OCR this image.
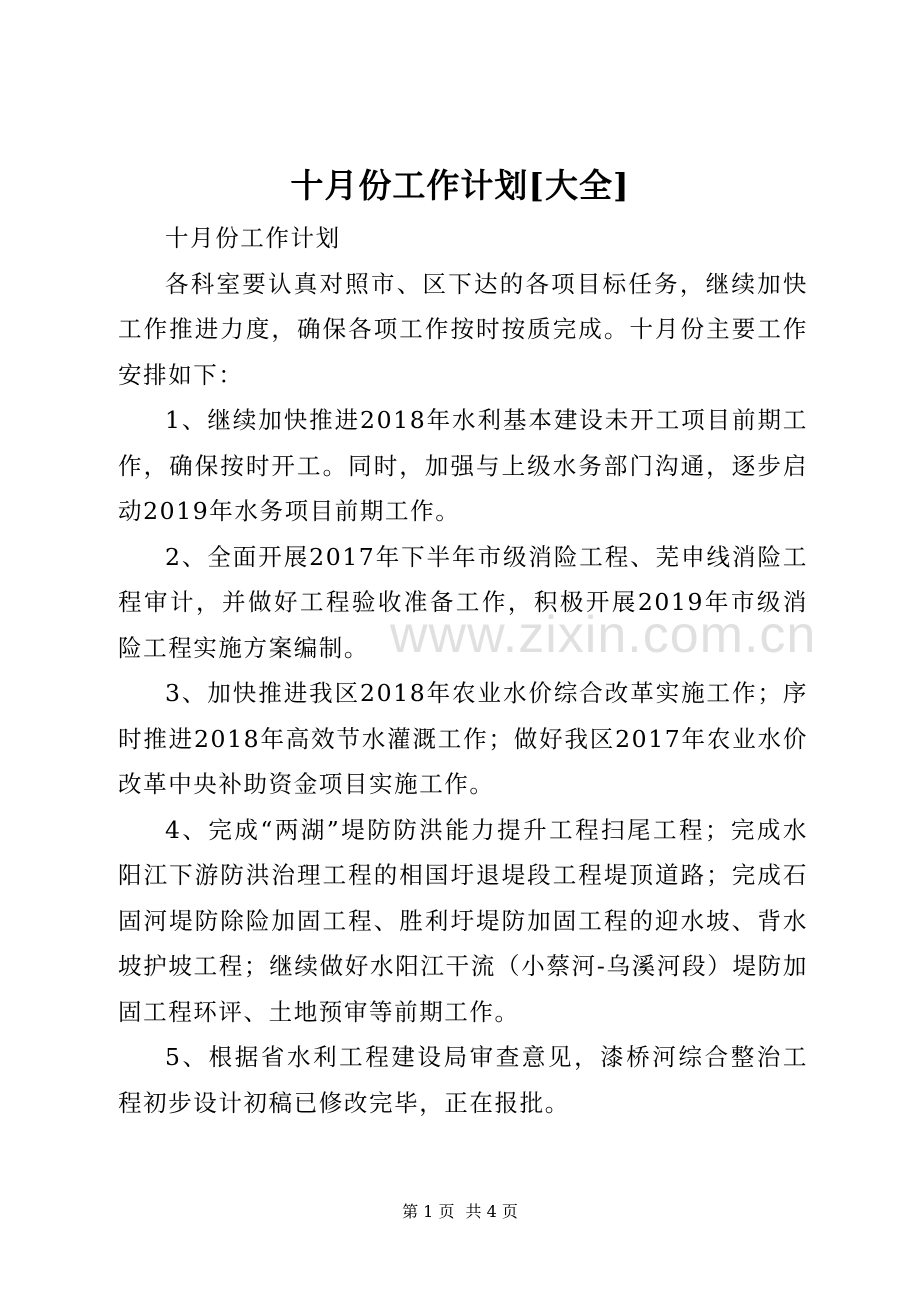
十月份工作计划[大全]

十月份工作计划

各科室要认真对照市、区下达的各项目标任务，继续加快工作推进力度，确保各项工作按时按质完成。十月份主要工作安排如下：

1、继续加快推进2018年水利基本建设未开工项目前期工作，确保按时开工。同时，加强与上级水务部门沟通，逐步启动2019年水务项目前期工作。

2、全面开展2017年下半年市级消险工程、芜申线消险工程审计，并做好工程验收准备工作，积极开展2019年市级消险工程实施方案编制。

3、加快推进我区2018年农业水价综合改革实施工作；序时推进2018年高效节水灌溉工作；做好我区2017年农业水价改革中央补助资金项目实施工作。

4、完成“两湖”堤防防洪能力提升工程扫尾工程；完成水阳江下游防洪治理工程的相国圩退堤段工程堤顶道路；完成石固河堤防除险加固工程、胜利圩堤防加固工程的迎水坡、背水坡护坡工程；继续做好水阳江干流（小蔡河-乌溪河段）堤防加固工程环评、土地预审等前期工作。

5、根据省水利工程建设局审查意见，漆桥河综合整治工程初步设计初稿已修改完毕，正在报批。

www.zixin.com.cn
第 1 页 共 4 页
